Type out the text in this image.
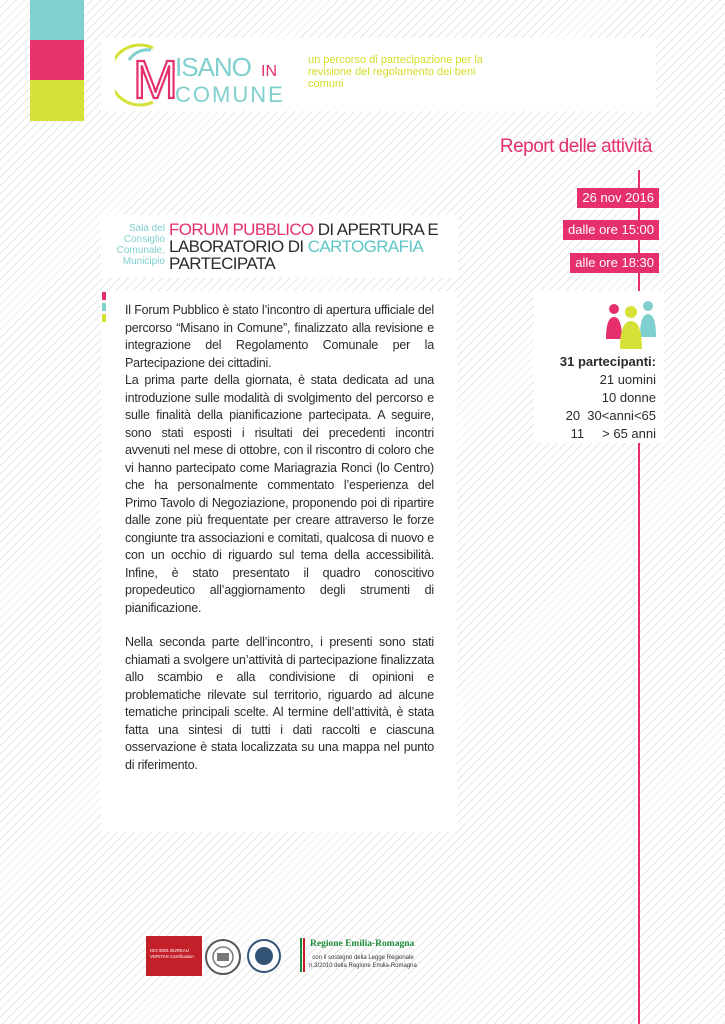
M
ISANO IN
COMUNE
un percorso di partecipazione per la revisione del regolamento dei beni comuni
Report delle attività
26 nov 2016
dalle ore 15:00
alle ore 18:30
Sala del Consiglio Comunale, Municipio
FORUM PUBBLICO DI APERTURA E LABORATORIO DI CARTOGRAFIA PARTECIPATA

Il Forum Pubblico è stato l’incontro di apertura ufficiale del percorso “Misano in Comune”, finalizzato alla revisione e integrazione del Regolamento Comunale per la Partecipazione dei cittadini.

La prima parte della giornata, è stata dedicata ad una introduzione sulle modalità di svolgimento del percorso e sulle finalità della pianificazione partecipata. A seguire, sono stati esposti i risultati dei precedenti incontri avvenuti nel mese di ottobre, con il riscontro di coloro che vi hanno partecipato come Mariagrazia Ronci (lo Centro) che ha personalmente commentato l’esperienza del Primo Tavolo di Negoziazione, proponendo poi di ripartire dalle zone più frequentate per creare attraverso le forze congiunte tra associazioni e comitati, qualcosa di nuovo e con un occhio di riguardo sul tema della accessibilità. Infine, è stato presentato il quadro conoscitivo propedeutico all’aggiornamento degli strumenti di pianificazione.

Nella seconda parte dell’incontro, i presenti sono stati chiamati a svolgere un’attività di partecipazione finalizzata allo scambio e alla condivisione di opinioni e problematiche rilevate sul territorio, riguardo ad alcune tematiche principali scelte. Al termine dell’attività, è stata fatta una sintesi di tutti i dati raccolti e ciascuna osservazione è stata localizzata su una mappa nel punto di riferimento.

31 partecipanti:
21 uomini
10 donne
20  30<anni<65
11     > 65 anni
ISO 9001 BUREAU VERITAS Certification
Regione Emilia-Romagna
con il sostegno della Legge Regionale
n.3/2010 della Regione Emilia-Romagna
